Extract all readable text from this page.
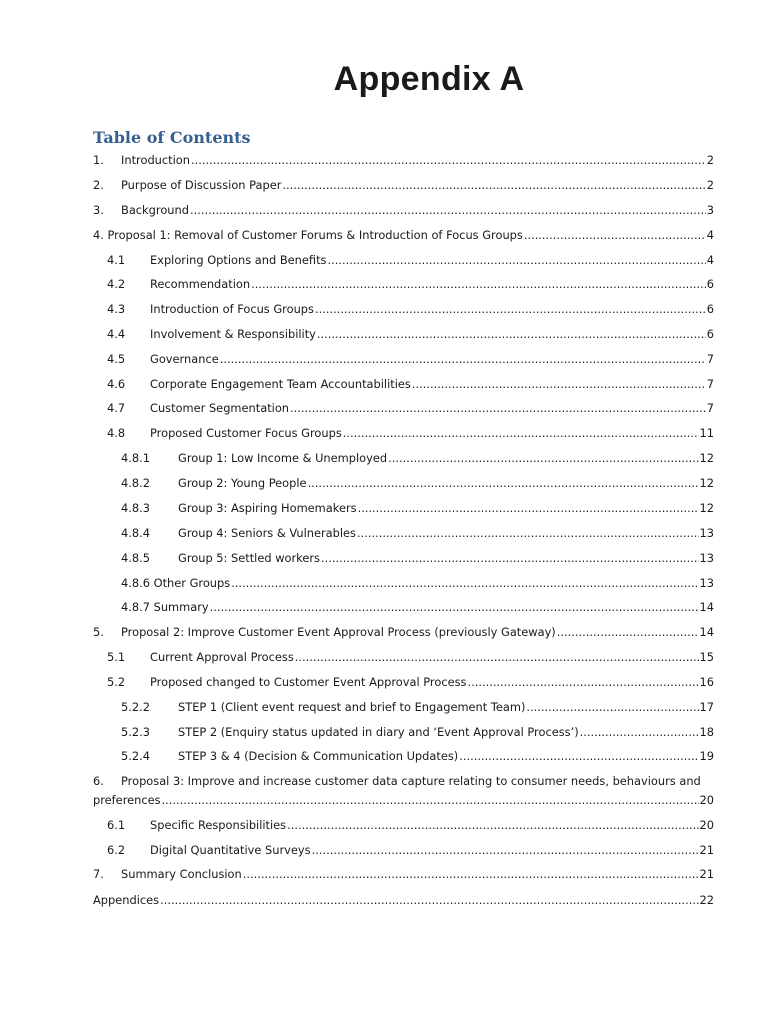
Appendix A
Table of Contents
1.	Introduction .....	2
2.	Purpose of Discussion Paper .....	2
3.	Background .....	3
4. Proposal 1: Removal of Customer Forums & Introduction of Focus Groups .....	4
4.1	Exploring Options and Benefits .....	4
4.2	Recommendation .....	6
4.3	Introduction of Focus Groups .....	6
4.4	Involvement & Responsibility .....	6
4.5	Governance .....	7
4.6	Corporate Engagement Team Accountabilities .....	7
4.7	Customer Segmentation .....	7
4.8	Proposed Customer Focus Groups .....	11
4.8.1	Group 1: Low Income & Unemployed .....	12
4.8.2	Group 2: Young People .....	12
4.8.3	Group 3: Aspiring Homemakers .....	12
4.8.4	Group 4: Seniors & Vulnerables .....	13
4.8.5	Group 5: Settled workers .....	13
4.8.6 Other Groups .....	13
4.8.7 Summary .....	14
5.	Proposal 2: Improve Customer Event Approval Process (previously Gateway) .....	14
5.1	Current Approval Process .....	15
5.2	Proposed changed to Customer Event Approval Process .....	16
5.2.2	STEP 1 (Client event request and brief to Engagement Team) .....	17
5.2.3	STEP 2 (Enquiry status updated in diary and ‘Event Approval Process’) .....	18
5.2.4	STEP 3 & 4 (Decision & Communication Updates) .....	19
6. Proposal 3: Improve and increase customer data capture relating to consumer needs, behaviours and
preferences .....	20
6.1	Specific Responsibilities .....	20
6.2	Digital Quantitative Surveys .....	21
7.	Summary Conclusion .....	21
Appendices .....	22
